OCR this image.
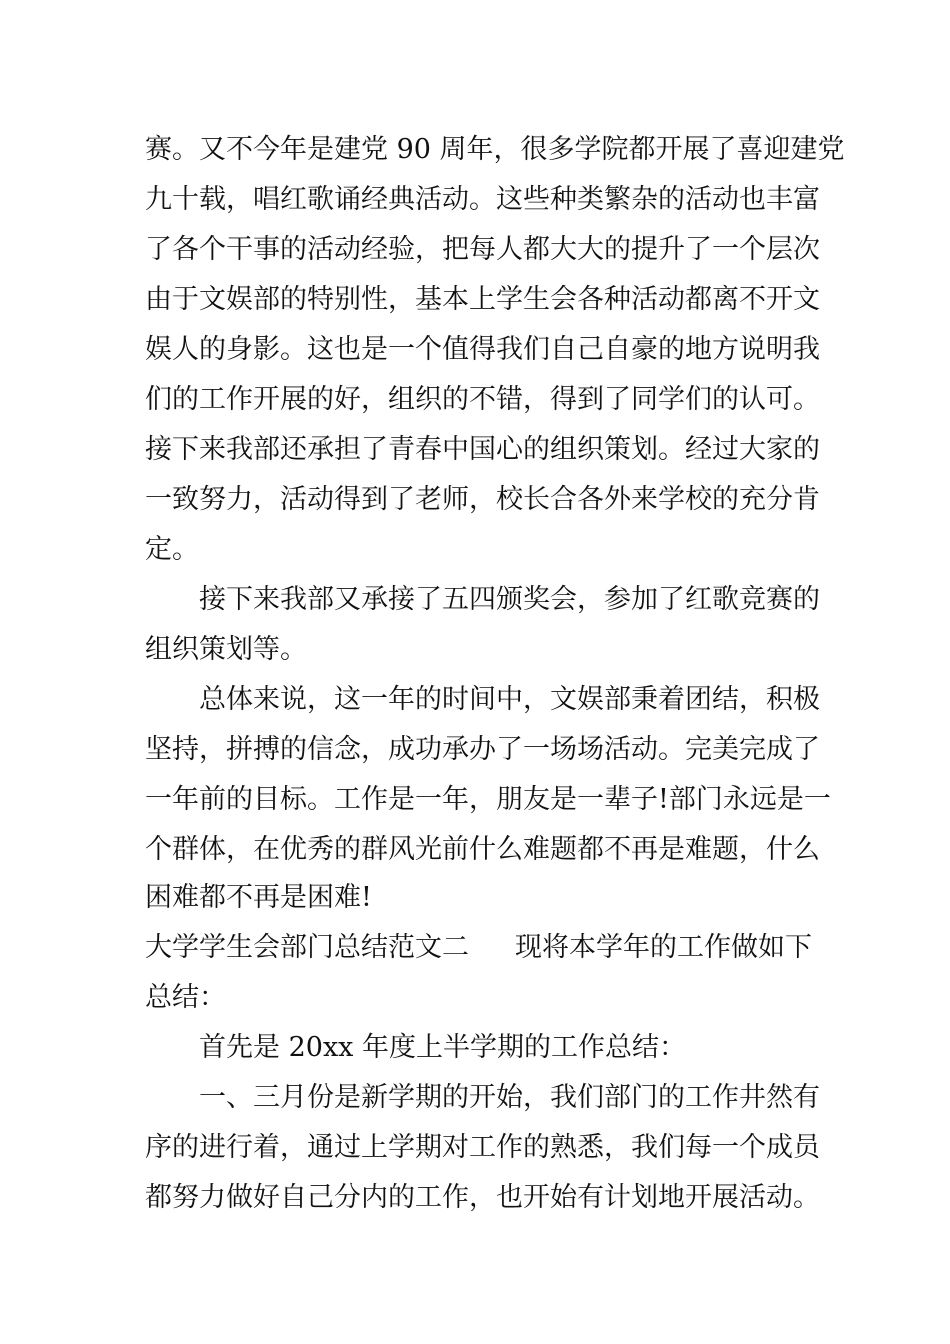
赛。又不今年是建党 90 周年，很多学院都开展了喜迎建党
九十载，唱红歌诵经典活动。这些种类繁杂的活动也丰富
了各个干事的活动经验，把每人都大大的提升了一个层次
由于文娱部的特别性，基本上学生会各种活动都离不开文
娱人的身影。这也是一个值得我们自己自豪的地方说明我
们的工作开展的好，组织的不错，得到了同学们的认可。
接下来我部还承担了青春中国心的组织策划。经过大家的
一致努力，活动得到了老师，校长合各外来学校的充分肯
定。
接下来我部又承接了五四颁奖会，参加了红歌竞赛的
组织策划等。
总体来说，这一年的时间中，文娱部秉着团结，积极
坚持，拼搏的信念，成功承办了一场场活动。完美完成了
一年前的目标。工作是一年，朋友是一辈子!部门永远是一
个群体，在优秀的群风光前什么难题都不再是难题，什么
困难都不再是困难!
大学学生会部门总结范文二 现将本学年的工作做如下
总结：
首先是 20xx 年度上半学期的工作总结：
一、三月份是新学期的开始，我们部门的工作井然有
序的进行着，通过上学期对工作的熟悉，我们每一个成员
都努力做好自己分内的工作，也开始有计划地开展活动。
